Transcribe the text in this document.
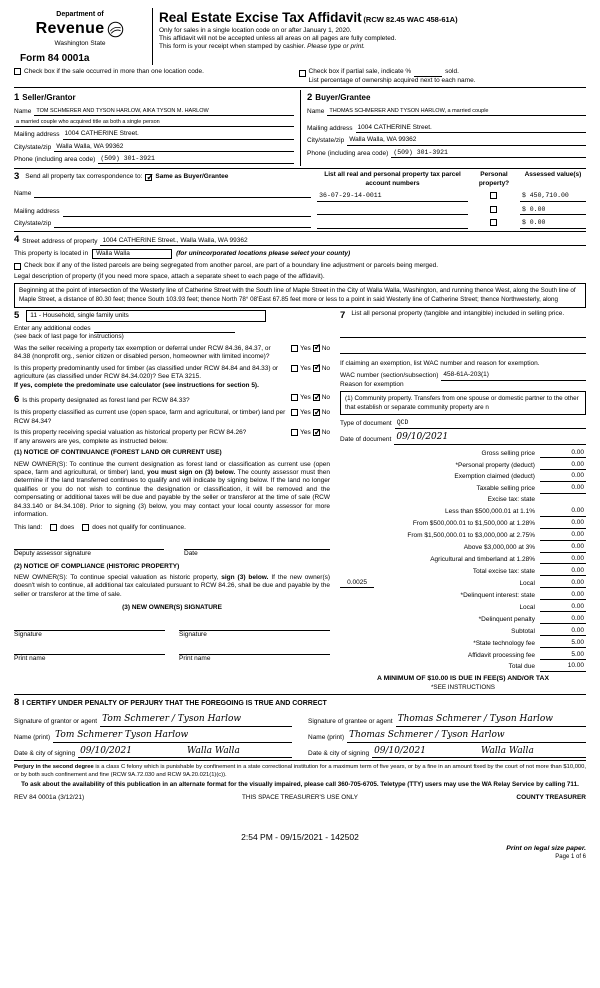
Department of
Revenue
Washington State
Form 84 0001a
Real Estate Excise Tax Affidavit (RCW 82.45 WAC 458-61A)

Only for sales in a single location code on or after January 1, 2020.

This affidavit will not be accepted unless all areas on all pages are fully completed.

This form is your receipt when stamped by cashier. Please type or print.

Check box if the sale occurred in more than one location code.	Check box if partial sale, indicate %	sold.
List percentage of ownership acquired next to each name.
1 Seller/Grantor
Name TOM SCHMERER AND TYSON HARLOW, AIKA TYSON M. HARLOW
a married couple who acquired title as both a single person
Mailing address 1004 CATHERINE Street.
City/state/zip Walla Walla, WA 99362
Phone (including area code) (509) 301-3921
2 Buyer/Grantee
Name THOMAS SCHMERER AND TYSON HARLOW, a married couple
Mailing address 1004 CATHERINE Street.
City/state/zip Walla Walla, WA 99362
Phone (including area code) (509) 301-3921
3 Send all property tax correspondence to: ✓ Same as Buyer/Grantee
Name
Mailing address
City/state/zip
List all real and personal property tax parcel account numbers
Personal property?
Assessed value(s)
36-07-29-14-0011	$ 450,710.00
$ 0.00
$ 0.00
4 Street address of property 1004 CATHERINE Street., Walla Walla, WA 99362
This property is located in	Walla Walla	(for unincorporated locations please select your county)
Check box if any of the listed parcels are being segregated from another parcel, are part of a boundary line adjustment or parcels being merged.
Legal description of property (if you need more space, attach a separate sheet to each page of the affidavit).
Beginning at the point of intersection of the Westerly line of Catherine Street with the South line of Maple Street in the City of Walla Walla, Washington, and running thence West, along the South line of Maple Street, a distance of 80.30 feet; thence South 103.93 feet; thence North 78° 08'East 67.85 feet more or less to a point in said Westerly line of Catherine Street; thence Northwesterly, along
5	11 - Household, single family units
Enter any additional codes
(see back of last page for instructions)
Was the seller receiving a property tax exemption or deferral under RCW 84.36, 84.37, or 84.38 (nonprofit org., senior citizen or disabled person, homeowner with limited income)?
Yes ✓ No
Is this property predominantly used for timber (as classified under RCW 84.84 and 84.33) or agriculture (as classified under RCW 84.34.020)? See ETA 3215.
Yes ✓ No
If yes, complete the predominate use calculator (see instructions for section 5).
6 Is this property designated as forest land per RCW 84.33?	Yes ✓ No
Is this property classified as current use (open space, farm and agricultural, or timber) land per RCW 84.34?
Yes ✓ No
Is this property receiving special valuation as historical property per RCW 84.26?	Yes ✓ No
If any answers are yes, complete as instructed below.
(1) NOTICE OF CONTINUANCE (FOREST LAND OR CURRENT USE)
NEW OWNER(S): To continue the current designation as forest land or classification as current use (open space, farm and agricultural, or timber) land, you must sign on (3) below. The county assessor must then determine if the land transferred continues to qualify and will indicate by signing below. If the land no longer qualifies or you do not wish to continue the designation or classification, it will be removed and the compensating or additional taxes will be due and payable by the seller or transferor at the time of sale (RCW 84.33.140 or 84.34.108). Prior to signing (3) below, you may contact your local county assessor for more information.
This land:	does	does not qualify for continuance.
Deputy assessor signature	Date
(2) NOTICE OF COMPLIANCE (HISTORIC PROPERTY)
NEW OWNER(S): To continue special valuation as historic property, sign (3) below. If the new owner(s) doesn't wish to continue, all additional tax calculated pursuant to RCW 84.26, shall be due and payable by the seller or transferor at the time of sale.
(3) NEW OWNER(S) SIGNATURE
Signature	Signature
Print name	Print name
7 List all personal property (tangible and intangible) included in selling price.
If claiming an exemption, list WAC number and reason for exemption.
WAC number (section/subsection) 458-61A-203(1)
Reason for exemption
(1) Community property. Transfers from one spouse or domestic partner to the other that establish or separate community property are n
Type of document QCD
Date of document 09/10/2021
Gross selling price	0.00
*Personal property (deduct)	0.00
Exemption claimed (deduct)	0.00
Taxable selling price	0.00
Excise tax: state
Less than $500,000.01 at 1.1%	0.00
From $500,000.01 to $1,500,000 at 1.28%	0.00
From $1,500,000.01 to $3,000,000 at 2.75%	0.00
Above $3,000,000 at 3%	0.00
Agricultural and timberland at 1.28%	0.00
Total excise tax: state	0.00
0.0025	Local	0.00
*Delinquent interest: state	0.00
Local	0.00
*Delinquent penalty	0.00
Subtotal	0.00
*State technology fee	5.00
Affidavit processing fee	5.00
Total due	10.00
A MINIMUM OF $10.00 IS DUE IN FEE(S) AND/OR TAX
*SEE INSTRUCTIONS
8 I CERTIFY UNDER PENALTY OF PERJURY THAT THE FOREGOING IS TRUE AND CORRECT
Signature of grantor or agent Tom Schmerer / Tyson Harlow
Name (print) Tom Schmerer Tyson Harlow
Date & city of signing 09/10/2021	Walla Walla
Signature of grantee or agent Thomas Schmerer / Tyson Harlow
Name (print) Thomas Schmerer / Tyson Harlow
Date & city of signing 09/10/2021	Walla Walla
Perjury in the second degree is a class C felony which is punishable by confinement in a state correctional institution for a maximum term of five years, or by a fine in an amount fixed by the court of not more than $10,000, or by both such confinement and fine (RCW 9A.72.030 and RCW 9A.20.021(1)(c)).
To ask about the availability of this publication in an alternate format for the visually impaired, please call 360-705-6705. Teletype (TTY) users may use the WA Relay Service by calling 711.
REV 84 0001a (3/12/21)	THIS SPACE TREASURER'S USE ONLY	COUNTY TREASURER
2:54 PM - 09/15/2021 - 142502
Print on legal size paper.
Page 1 of 6
